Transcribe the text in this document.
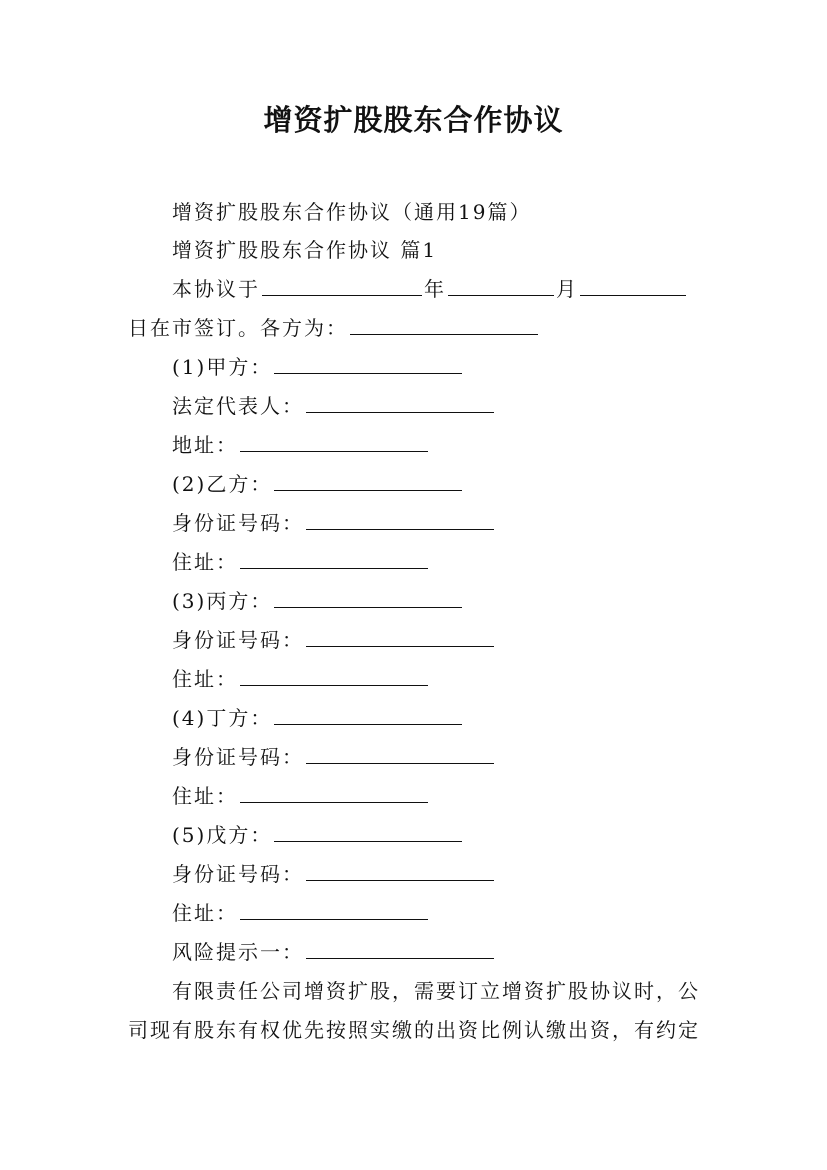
增资扩股股东合作协议
增资扩股股东合作协议（通用19篇）
增资扩股股东合作协议 篇1
本协议于	年	月
日在市签订。各方为：
(1)甲方：
法定代表人：
地址：
(2)乙方：
身份证号码：
住址：
(3)丙方：
身份证号码：
住址：
(4)丁方：
身份证号码：
住址：
(5)戊方：
身份证号码：
住址：
风险提示一：
有限责任公司增资扩股，需要订立增资扩股协议时，公
司现有股东有权优先按照实缴的出资比例认缴出资，有约定
